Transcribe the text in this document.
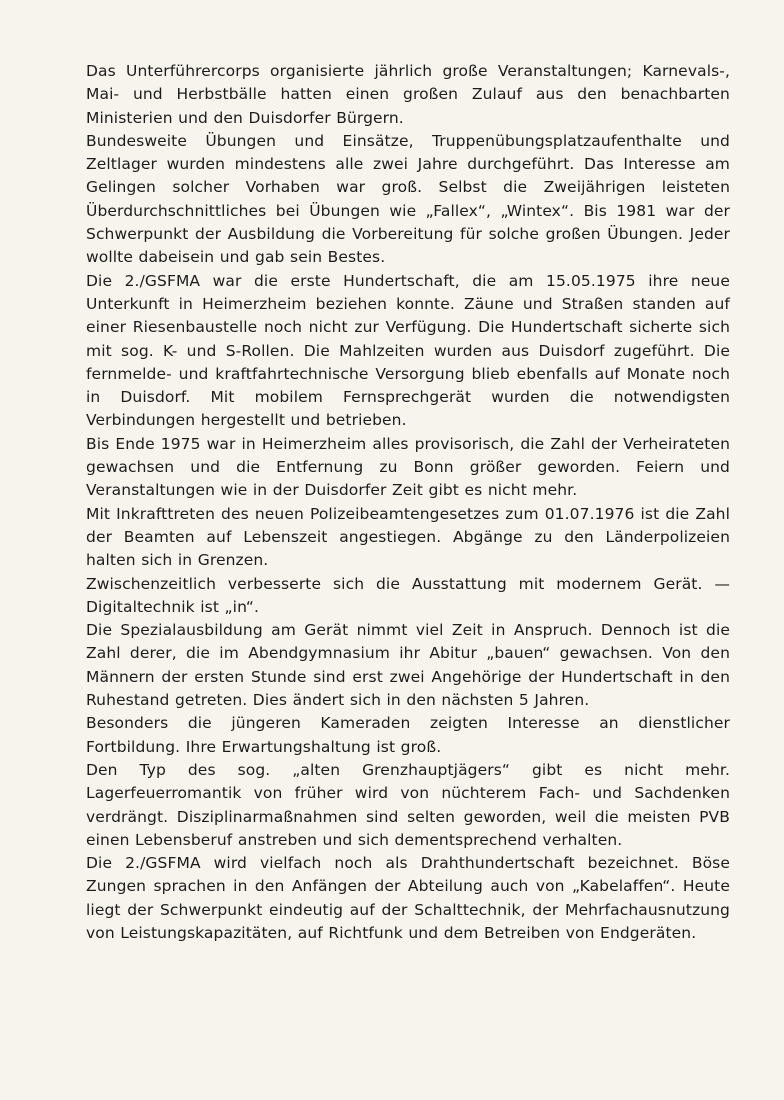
Das Unterführercorps organisierte jährlich große Veranstaltungen; Karnevals-, Mai- und Herbstbälle hatten einen großen Zulauf aus den benachbarten Ministerien und den Duisdorfer Bürgern.

Bundesweite Übungen und Einsätze, Truppenübungsplatzaufenthalte und Zeltlager wurden mindestens alle zwei Jahre durchgeführt. Das Interesse am Gelingen solcher Vorhaben war groß. Selbst die Zweijährigen leisteten Überdurchschnittliches bei Übungen wie „Fallex“, „Wintex“. Bis 1981 war der Schwerpunkt der Ausbildung die Vorbereitung für solche großen Übungen. Jeder wollte dabeisein und gab sein Bestes.

Die 2./GSFMA war die erste Hundertschaft, die am 15.05.1975 ihre neue Unterkunft in Heimerzheim beziehen konnte. Zäune und Straßen standen auf einer Riesenbaustelle noch nicht zur Verfügung. Die Hundertschaft sicherte sich mit sog. K- und S-Rollen. Die Mahlzeiten wurden aus Duisdorf zugeführt. Die fernmelde- und kraftfahrtechnische Versorgung blieb ebenfalls auf Monate noch in Duisdorf. Mit mobilem Fernsprechgerät wurden die notwendigsten Verbindungen hergestellt und betrieben.

Bis Ende 1975 war in Heimerzheim alles provisorisch, die Zahl der Verheirateten gewachsen und die Entfernung zu Bonn größer geworden. Feiern und Veranstaltungen wie in der Duisdorfer Zeit gibt es nicht mehr.

Mit Inkrafttreten des neuen Polizeibeamtengesetzes zum 01.07.1976 ist die Zahl der Beamten auf Lebenszeit angestiegen. Abgänge zu den Länderpolizeien halten sich in Grenzen.

Zwischenzeitlich verbesserte sich die Ausstattung mit modernem Gerät. — Digitaltechnik ist „in“.

Die Spezialausbildung am Gerät nimmt viel Zeit in Anspruch. Dennoch ist die Zahl derer, die im Abendgymnasium ihr Abitur „bauen“ gewachsen. Von den Männern der ersten Stunde sind erst zwei Angehörige der Hundertschaft in den Ruhestand getreten. Dies ändert sich in den nächsten 5 Jahren.

Besonders die jüngeren Kameraden zeigten Interesse an dienstlicher Fortbildung. Ihre Erwartungshaltung ist groß.

Den Typ des sog. „alten Grenzhauptjägers“ gibt es nicht mehr. Lagerfeuerromantik von früher wird von nüchterem Fach- und Sachdenken verdrängt. Disziplinarmaßnahmen sind selten geworden, weil die meisten PVB einen Lebensberuf anstreben und sich dementsprechend verhalten.

Die 2./GSFMA wird vielfach noch als Drahthundertschaft bezeichnet. Böse Zungen sprachen in den Anfängen der Abteilung auch von „Kabelaffen“. Heute liegt der Schwerpunkt eindeutig auf der Schalttechnik, der Mehrfachausnutzung von Leistungskapazitäten, auf Richtfunk und dem Betreiben von Endgeräten.
